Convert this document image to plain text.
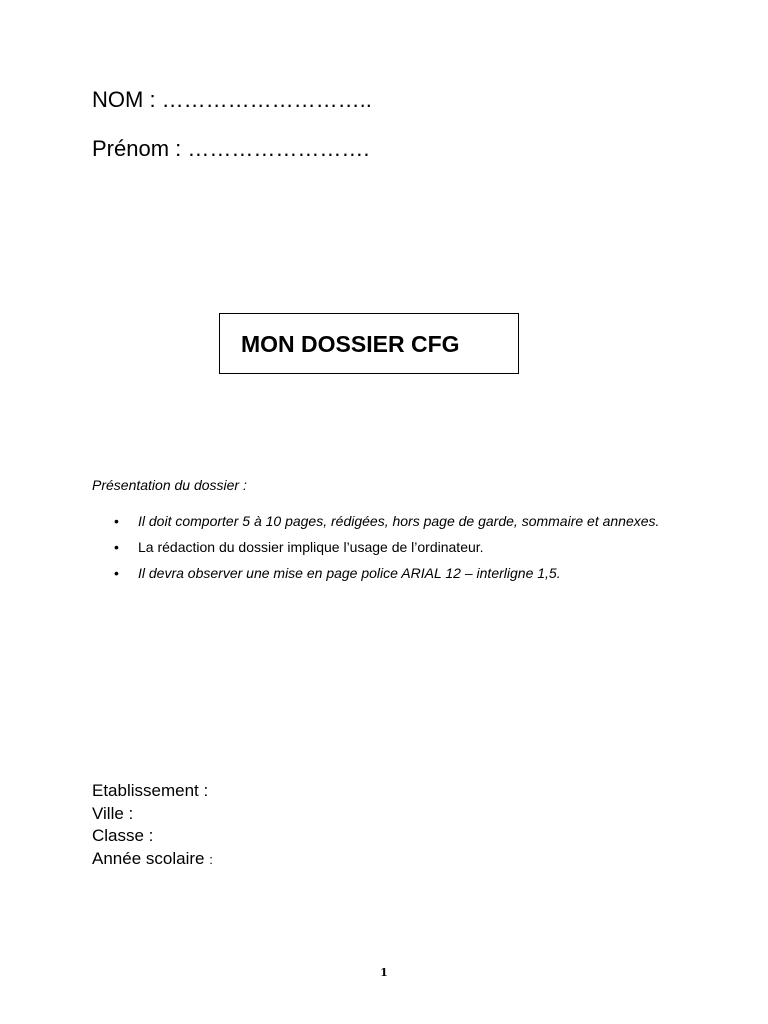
NOM : ………………………..
Prénom : …………………….
MON DOSSIER CFG
Présentation du dossier :
• Il doit comporter 5 à 10 pages, rédigées, hors page de garde, sommaire et annexes.
• La rédaction du dossier implique l’usage de l’ordinateur.
• Il devra observer une mise en page police ARIAL 12 – interligne 1,5.
Etablissement :
Ville :
Classe :
Année scolaire :
1
